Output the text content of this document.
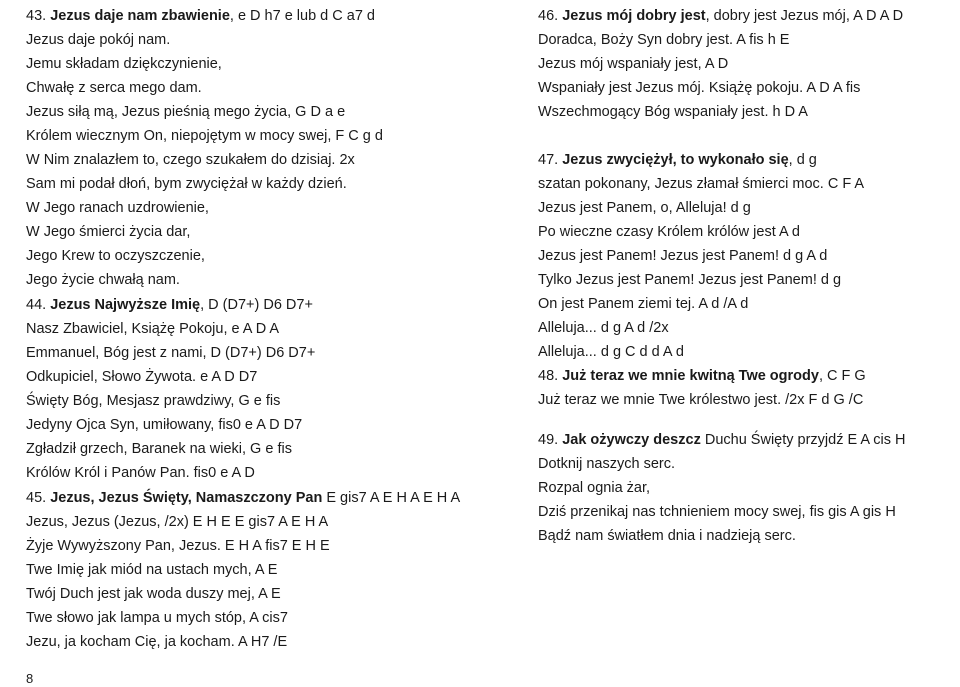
43. Jezus daje nam zbawienie, e D h7 e lub d C a7 d
Jezus daje pokój nam.
Jemu składam dziękczynienie,
Chwałę z serca mego dam.
Jezus siłą mą, Jezus pieśnią mego życia, G D a e
Królem wiecznym On, niepojętym w mocy swej, F C g d
W Nim znalazłem to, czego szukałem do dzisiaj. 2x
Sam mi podał dłoń, bym zwyciężał w każdy dzień.
W Jego ranach uzdrowienie,
W Jego śmierci życia dar,
Jego Krew to oczyszczenie,
Jego życie chwałą nam.
44. Jezus Najwyższe Imię, D (D7+) D6 D7+
Nasz Zbawiciel, Książę Pokoju, e A D A
Emmanuel, Bóg jest z nami, D (D7+) D6 D7+
Odkupiciel, Słowo Żywota. e A D D7
Święty Bóg, Mesjasz prawdziwy, G e fis
Jedyny Ojca Syn, umiłowany, fis0 e A D D7
Zgładził grzech, Baranek na wieki, G e fis
Królów Król i Panów Pan. fis0 e A D
45. Jezus, Jezus Święty, Namaszczony Pan E gis7 A E H A E H A
Jezus, Jezus (Jezus, /2x) E H E E gis7 A E H A
Żyje Wywyższony Pan, Jezus. E H A fis7 E H E
Twe Imię jak miód na ustach mych, A E
Twój Duch jest jak woda duszy mej, A E
Twe słowo jak lampa u mych stóp, A cis7
Jezu, ja kocham Cię, ja kocham. A H7 /E
46. Jezus mój dobry jest, dobry jest Jezus mój, A D A D
Doradca, Boży Syn dobry jest. A fis h E
Jezus mój wspaniały jest, A D
Wspaniały jest Jezus mój. Książę pokoju. A D A fis
Wszechmogący Bóg wspaniały jest. h D A
47. Jezus zwyciężył, to wykonało się, d g
szatan pokonany, Jezus złamał śmierci moc. C F A
Jezus jest Panem, o, Alleluja! d g
Po wieczne czasy Królem królów jest A d
Jezus jest Panem! Jezus jest Panem! d g A d
Tylko Jezus jest Panem! Jezus jest Panem! d g
On jest Panem ziemi tej. A d /A d
Alleluja... d g A d /2x
Alleluja... d g C d d A d
48. Już teraz we mnie kwitną Twe ogrody, C F G
Już teraz we mnie Twe królestwo jest. /2x F d G /C
49. Jak ożywczy deszcz Duchu Święty przyjdź E A cis H
Dotknij naszych serc.
Rozpal ognia żar,
Dziś przenikaj nas tchnieniem mocy swej, fis gis A gis H
Bądź nam światłem dnia i nadzieją serc.
8
